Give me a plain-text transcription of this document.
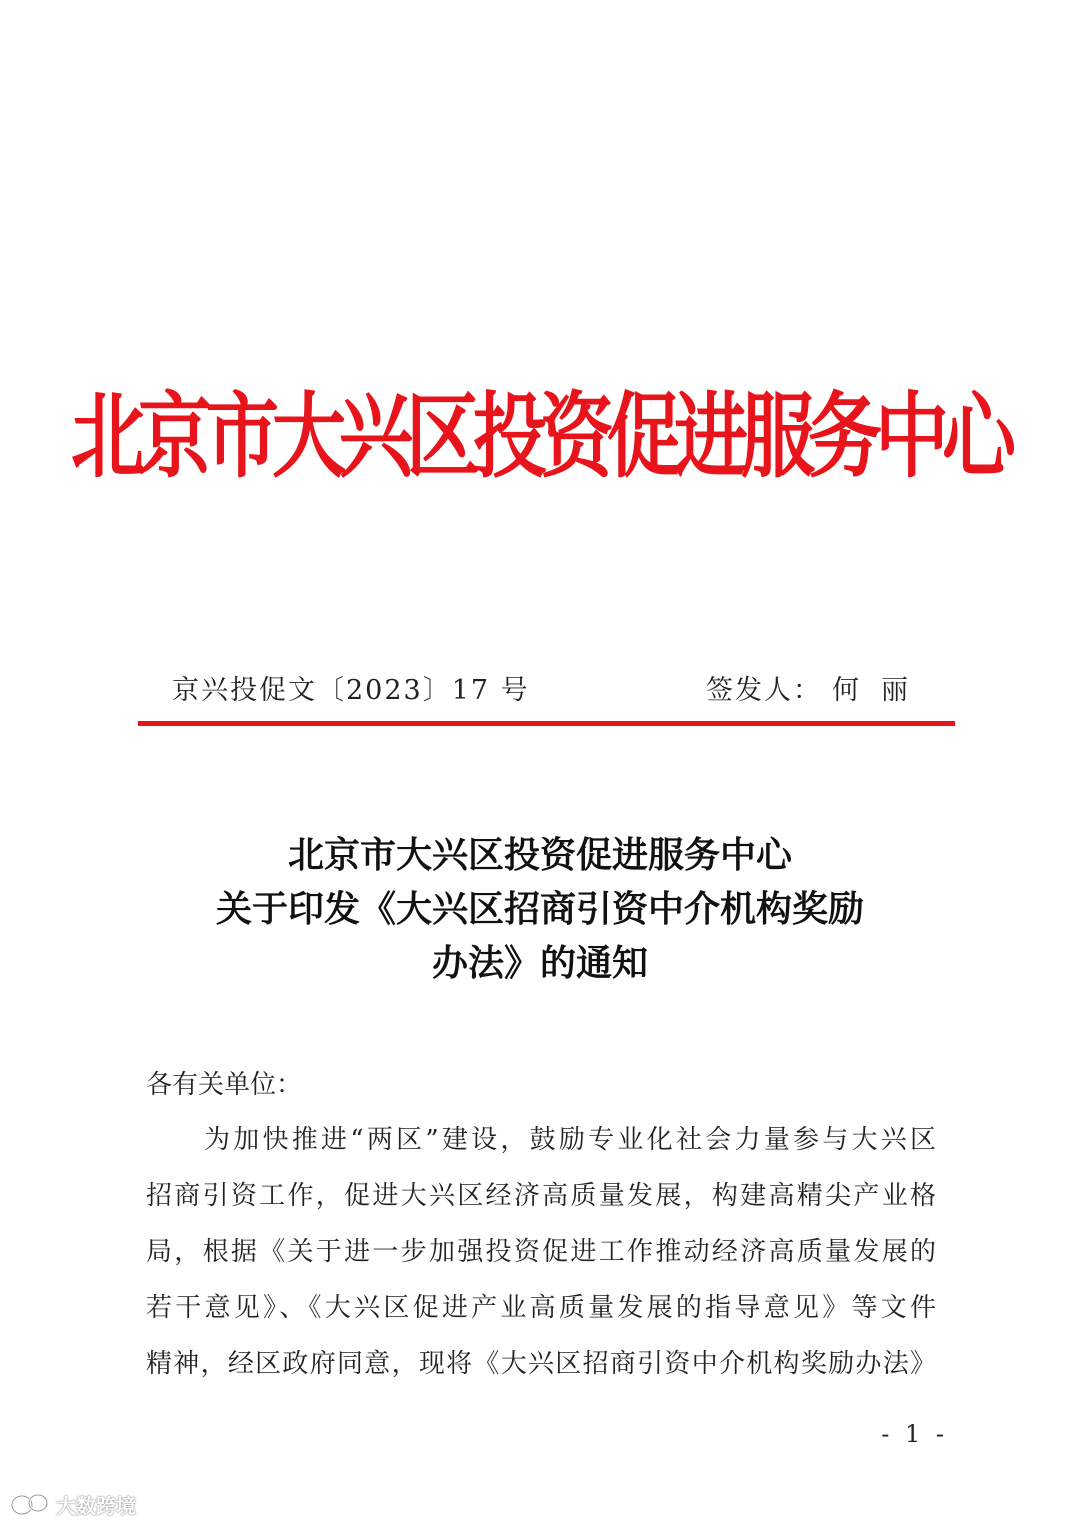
北京市大兴区投资促进服务中心
京兴投促文〔2023〕17 号	签发人： 何丽
北京市大兴区投资促进服务中心
关于印发《大兴区招商引资中介机构奖励
办法》的通知
各有关单位：
为加快推进“两区”建设，鼓励专业化社会力量参与大兴区
招商引资工作，促进大兴区经济高质量发展，构建高精尖产业格
局，根据《关于进一步加强投资促进工作推动经济高质量发展的
若干意见》、《大兴区促进产业高质量发展的指导意见》等文件
精神，经区政府同意，现将《大兴区招商引资中介机构奖励办法》
- 1 -
大数跨境
